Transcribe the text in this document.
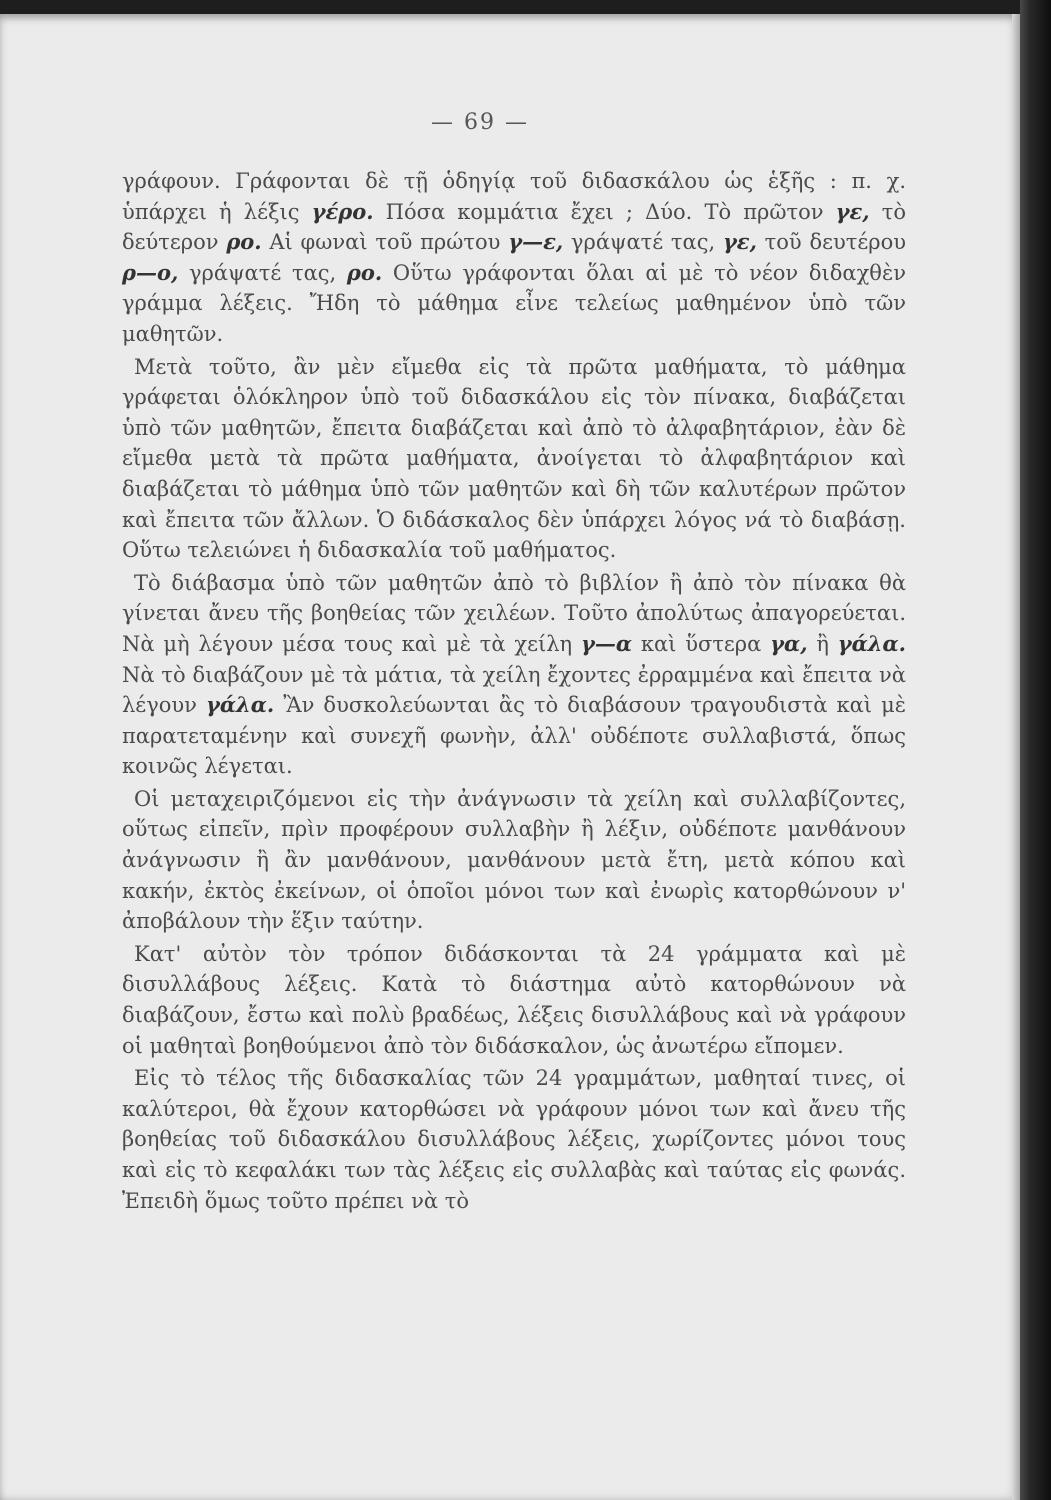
— 69 —

γράφουν. Γράφονται δὲ τῇ ὁδηγίᾳ τοῦ διδασκάλου ὡς ἑξῆς : π. χ. ὑπάρχει ἡ λέξις γέρο. Πόσα κομμάτια ἔχει ; Δύο. Τὸ πρῶτον γε, τὸ δεύτερον ρο. Αἱ φωναὶ τοῦ πρώτου γ—ε, γράψατέ τας, γε, τοῦ δευτέρου ρ—ο, γράψατέ τας, ρο. Οὕτω γράφονται ὅλαι αἱ μὲ τὸ νέον διδαχθὲν γράμμα λέξεις. Ἤδη τὸ μάθημα εἶνε τελείως μαθημένον ὑπὸ τῶν μαθητῶν.

Μετὰ τοῦτο, ἂν μὲν εἴμεθα εἰς τὰ πρῶτα μαθήματα, τὸ μάθημα γράφεται ὁλόκληρον ὑπὸ τοῦ διδασκάλου εἰς τὸν πίνακα, διαβάζεται ὑπὸ τῶν μαθητῶν, ἔπειτα διαβάζεται καὶ ἀπὸ τὸ ἀλφαβητάριον, ἐὰν δὲ εἴμεθα μετὰ τὰ πρῶτα μαθήματα, ἀνοίγεται τὸ ἀλφαβητάριον καὶ διαβάζεται τὸ μάθημα ὑπὸ τῶν μαθητῶν καὶ δὴ τῶν καλυτέρων πρῶτον καὶ ἔπειτα τῶν ἄλλων. Ὁ διδάσκαλος δὲν ὑπάρχει λόγος νά τὸ διαβάσῃ. Οὕτω τελειώνει ἡ διδασκαλία τοῦ μαθήματος.

Τὸ διάβασμα ὑπὸ τῶν μαθητῶν ἀπὸ τὸ βιβλίον ἢ ἀπὸ τὸν πίνακα θὰ γίνεται ἄνευ τῆς βοηθείας τῶν χειλέων. Τοῦτο ἀπολύτως ἀπαγορεύεται. Νὰ μὴ λέγουν μέσα τους καὶ μὲ τὰ χείλη γ—α καὶ ὕστερα γα, ἢ γάλα. Νὰ τὸ διαβάζουν μὲ τὰ μάτια, τὰ χείλη ἔχοντες ἐρραμμένα καὶ ἔπειτα νὰ λέγουν γάλα. Ἂν δυσκολεύωνται ἂς τὸ διαβάσουν τραγουδιστὰ καὶ μὲ παρατεταμένην καὶ συνεχῆ φωνὴν, ἀλλ' οὐδέποτε συλλαβιστά, ὅπως κοινῶς λέγεται.

Οἱ μεταχειριζόμενοι εἰς τὴν ἀνάγνωσιν τὰ χείλη καὶ συλλαβίζοντες, οὕτως εἰπεῖν, πρὶν προφέρουν συλλαβὴν ἢ λέξιν, οὐδέποτε μανθάνουν ἀνάγνωσιν ἢ ἂν μανθάνουν, μανθάνουν μετὰ ἔτη, μετὰ κόπου καὶ κακήν, ἐκτὸς ἐκείνων, οἱ ὁποῖοι μόνοι των καὶ ἐνωρὶς κατορθώνουν ν' ἀποβάλουν τὴν ἕξιν ταύτην.

Κατ' αὐτὸν τὸν τρόπον διδάσκονται τὰ 24 γράμματα καὶ μὲ δισυλλάβους λέξεις. Κατὰ τὸ διάστημα αὐτὸ κατορθώνουν νὰ διαβάζουν, ἔστω καὶ πολὺ βραδέως, λέξεις δισυλλάβους καὶ νὰ γράφουν οἱ μαθηταὶ βοηθούμενοι ἀπὸ τὸν διδάσκαλον, ὡς ἀνωτέρω εἴπομεν.

Εἰς τὸ τέλος τῆς διδασκαλίας τῶν 24 γραμμάτων, μαθηταί τινες, οἱ καλύτεροι, θὰ ἔχουν κατορθώσει νὰ γράφουν μόνοι των καὶ ἄνευ τῆς βοηθείας τοῦ διδασκάλου δισυλλάβους λέξεις, χωρίζοντες μόνοι τους καὶ εἰς τὸ κεφαλάκι των τὰς λέξεις εἰς συλλαβὰς καὶ ταύτας εἰς φωνάς. Ἐπειδὴ ὅμως τοῦτο πρέπει νὰ τὸ
